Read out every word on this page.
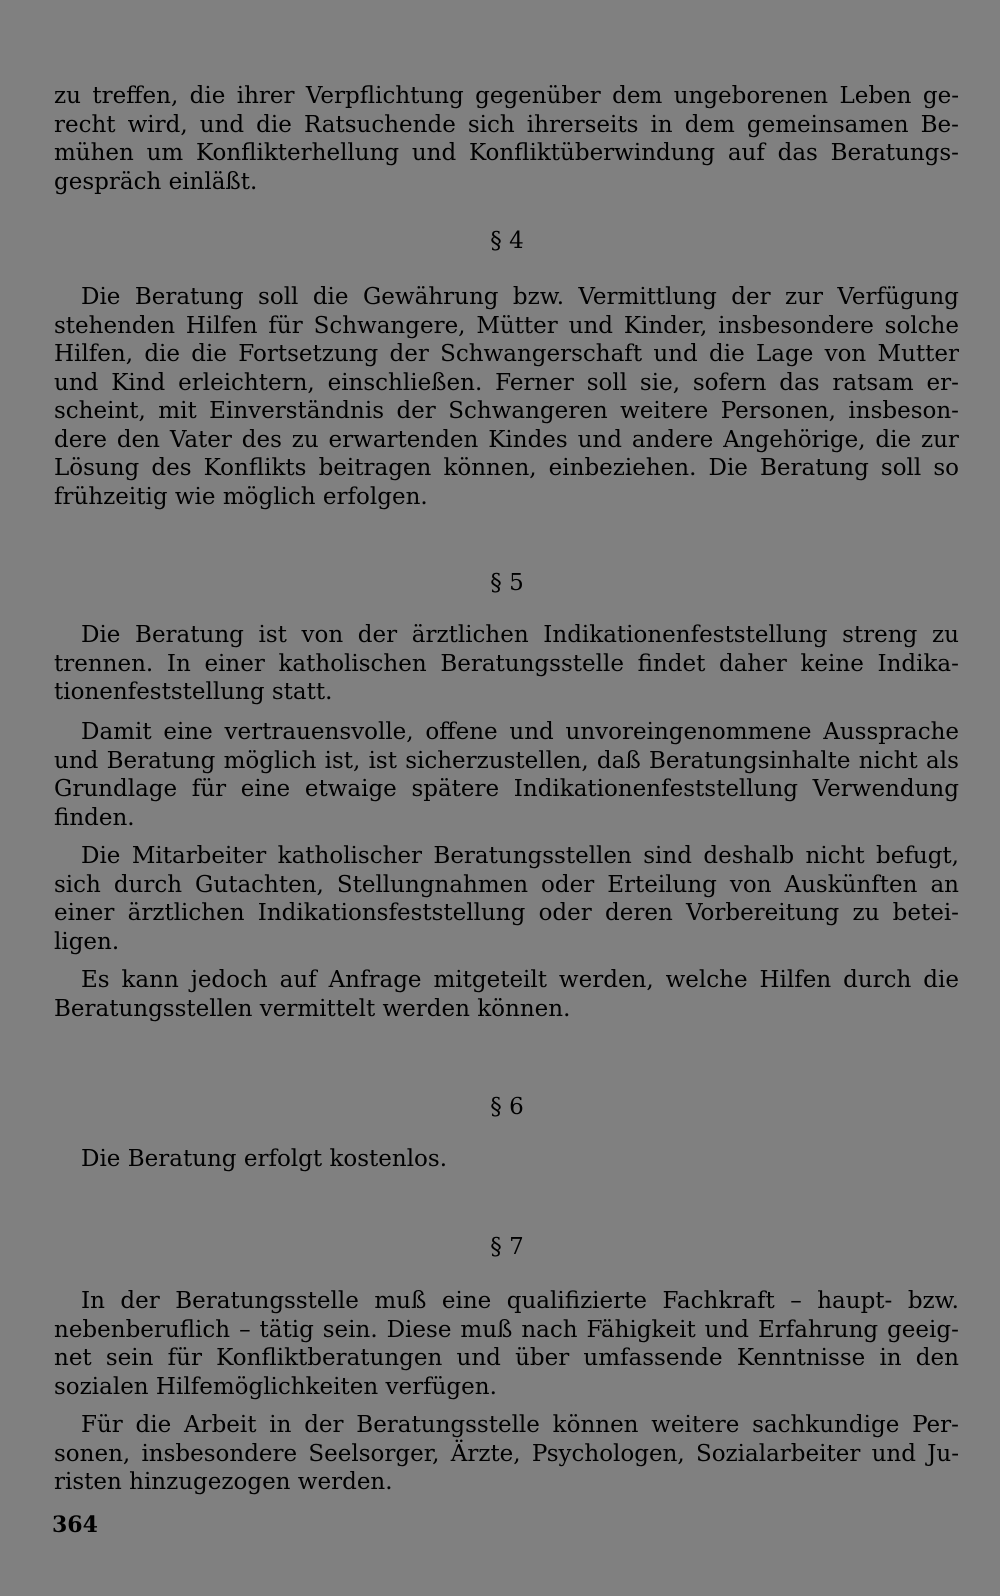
zu treffen, die ihrer Verpflichtung gegenüber dem ungeborenen Leben ge-
recht wird, und die Ratsuchende sich ihrerseits in dem gemeinsamen Be-
mühen um Konflikterhellung und Konfliktüberwindung auf das Beratungs-
gespräch einläßt.
§ 4
Die Beratung soll die Gewährung bzw. Vermittlung der zur Verfügung
stehenden Hilfen für Schwangere, Mütter und Kinder, insbesondere solche
Hilfen, die die Fortsetzung der Schwangerschaft und die Lage von Mutter
und Kind erleichtern, einschließen. Ferner soll sie, sofern das ratsam er-
scheint, mit Einverständnis der Schwangeren weitere Personen, insbeson-
dere den Vater des zu erwartenden Kindes und andere Angehörige, die zur
Lösung des Konflikts beitragen können, einbeziehen. Die Beratung soll so
frühzeitig wie möglich erfolgen.
§ 5
Die Beratung ist von der ärztlichen Indikationenfeststellung streng zu
trennen. In einer katholischen Beratungsstelle findet daher keine Indika-
tionenfeststellung statt.
Damit eine vertrauensvolle, offene und unvoreingenommene Aussprache
und Beratung möglich ist, ist sicherzustellen, daß Beratungsinhalte nicht als
Grundlage für eine etwaige spätere Indikationenfeststellung Verwendung
finden.
Die Mitarbeiter katholischer Beratungsstellen sind deshalb nicht befugt,
sich durch Gutachten, Stellungnahmen oder Erteilung von Auskünften an
einer ärztlichen Indikationsfeststellung oder deren Vorbereitung zu betei-
ligen.
Es kann jedoch auf Anfrage mitgeteilt werden, welche Hilfen durch die
Beratungsstellen vermittelt werden können.
§ 6
Die Beratung erfolgt kostenlos.
§ 7
In der Beratungsstelle muß eine qualifizierte Fachkraft – haupt- bzw.
nebenberuflich – tätig sein. Diese muß nach Fähigkeit und Erfahrung geeig-
net sein für Konfliktberatungen und über umfassende Kenntnisse in den
sozialen Hilfemöglichkeiten verfügen.
Für die Arbeit in der Beratungsstelle können weitere sachkundige Per-
sonen, insbesondere Seelsorger, Ärzte, Psychologen, Sozialarbeiter und Ju-
risten hinzugezogen werden.
364
